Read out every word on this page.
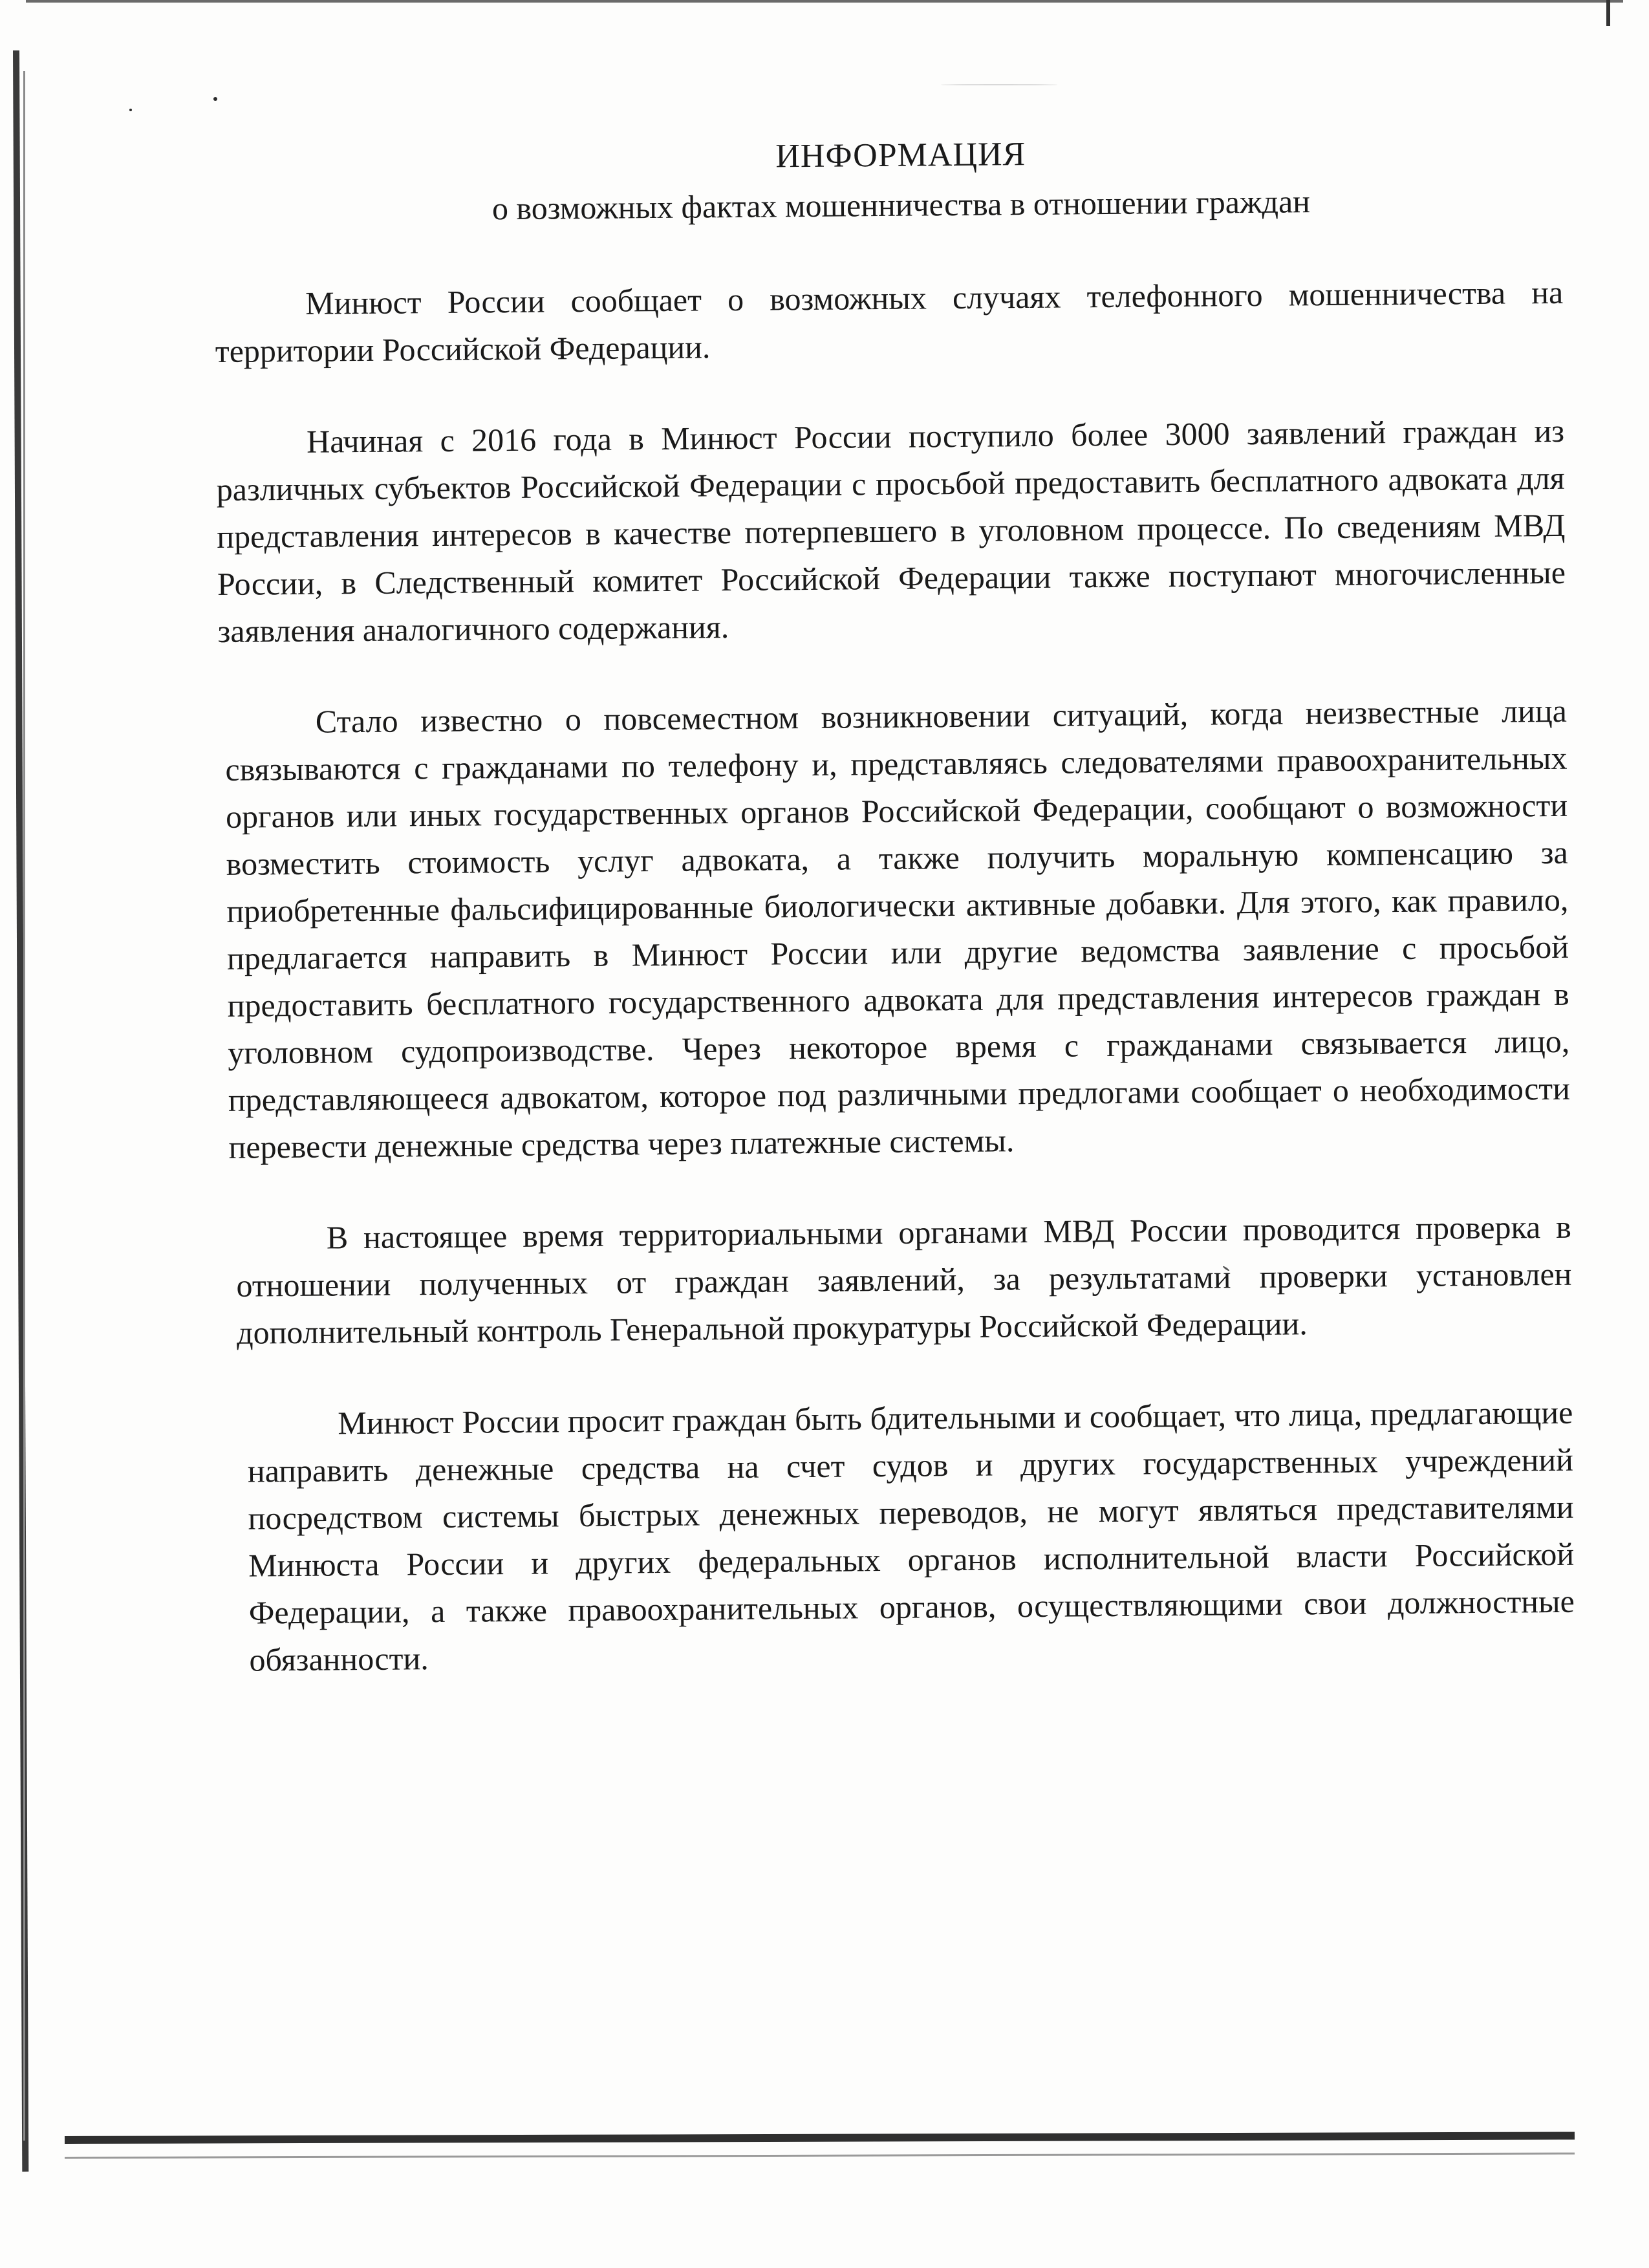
ИНФОРМАЦИЯ
о возможных фактах мошенничества в отношении граждан

Минюст России сообщает о возможных случаях телефонного мошенничества на территории Российской Федерации.

Начиная с 2016 года в Минюст России поступило более 3000 заявлений граждан из различных субъектов Российской Федерации с просьбой предоставить бесплатного адвоката для представления интересов в качестве потерпевшего в уголовном процессе. По сведениям МВД России, в Следственный комитет Российской Федерации также поступают многочисленные заявления аналогичного содержания.

Стало известно о повсеместном возникновении ситуаций, когда неизвестные лица связываются с гражданами по телефону и, представляясь следователями правоохранительных органов или иных государственных органов Российской Федерации, сообщают о возможности возместить стоимость услуг адвоката, а также получить моральную компенсацию за приобретенные фальсифицированные биологически активные добавки. Для этого, как правило, предлагается направить в Минюст России или другие ведомства заявление с просьбой предоставить бесплатного государственного адвоката для представления интересов граждан в уголовном судопроизводстве. Через некоторое время с гражданами связывается лицо, представляющееся адвокатом, которое под различными предлогами сообщает о необходимости перевести денежные средства через платежные системы.

В настоящее время территориальными органами МВД России проводится проверка в отношении полученных от граждан заявлений, за результатами проверки установлен дополнительный контроль Генеральной прокуратуры Российской Федерации.

Минюст России просит граждан быть бдительными и сообщает, что лица, предлагающие направить денежные средства на счет судов и других государственных учреждений посредством системы быстрых денежных переводов, не могут являться представителями Минюста России и других федеральных органов исполнительной власти Российской Федерации, а также правоохранительных органов, осуществляющими свои должностные обязанности.
